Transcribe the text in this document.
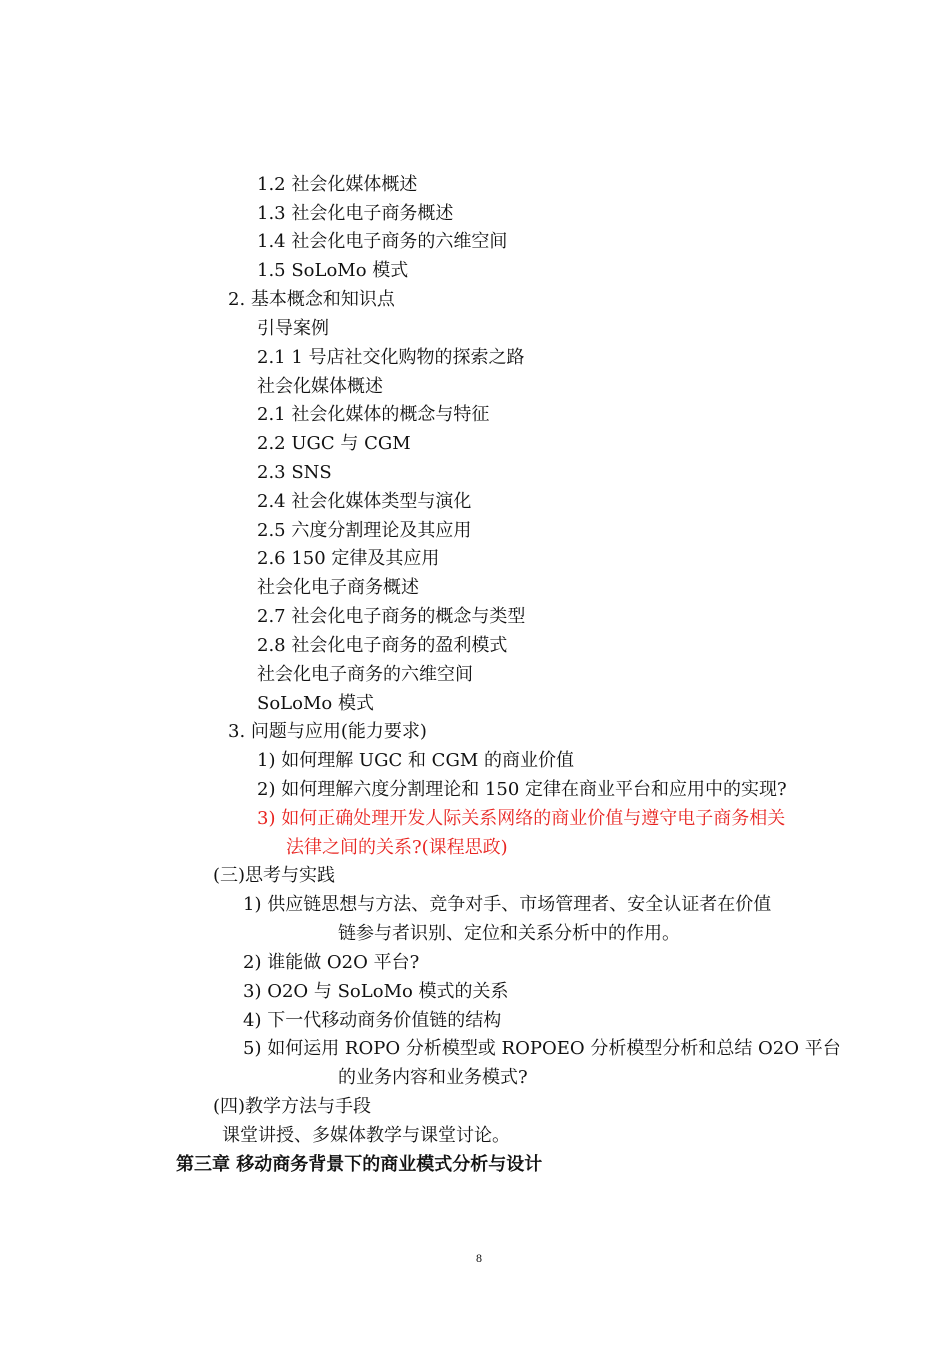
1.2 社会化媒体概述
1.3 社会化电子商务概述
1.4 社会化电子商务的六维空间
1.5 SoLoMo 模式
2. 基本概念和知识点
引导案例
2.1 1 号店社交化购物的探索之路
社会化媒体概述
2.1 社会化媒体的概念与特征
2.2 UGC 与 CGM
2.3 SNS
2.4 社会化媒体类型与演化
2.5 六度分割理论及其应用
2.6 150 定律及其应用
社会化电子商务概述
2.7 社会化电子商务的概念与类型
2.8 社会化电子商务的盈利模式
社会化电子商务的六维空间
SoLoMo 模式
3. 问题与应用(能力要求)
1) 如何理解 UGC 和 CGM 的商业价值
2) 如何理解六度分割理论和 150 定律在商业平台和应用中的实现?
3) 如何正确处理开发人际关系网络的商业价值与遵守电子商务相关
法律之间的关系?(课程思政)
(三)思考与实践
1) 供应链思想与方法、竞争对手、市场管理者、安全认证者在价值
链参与者识别、定位和关系分析中的作用。
2) 谁能做 O2O 平台?
3) O2O 与 SoLoMo 模式的关系
4) 下一代移动商务价值链的结构
5) 如何运用 ROPO 分析模型或 ROPOEO 分析模型分析和总结 O2O 平台
的业务内容和业务模式?
(四)教学方法与手段
课堂讲授、多媒体教学与课堂讨论。
第三章 移动商务背景下的商业模式分析与设计
8
